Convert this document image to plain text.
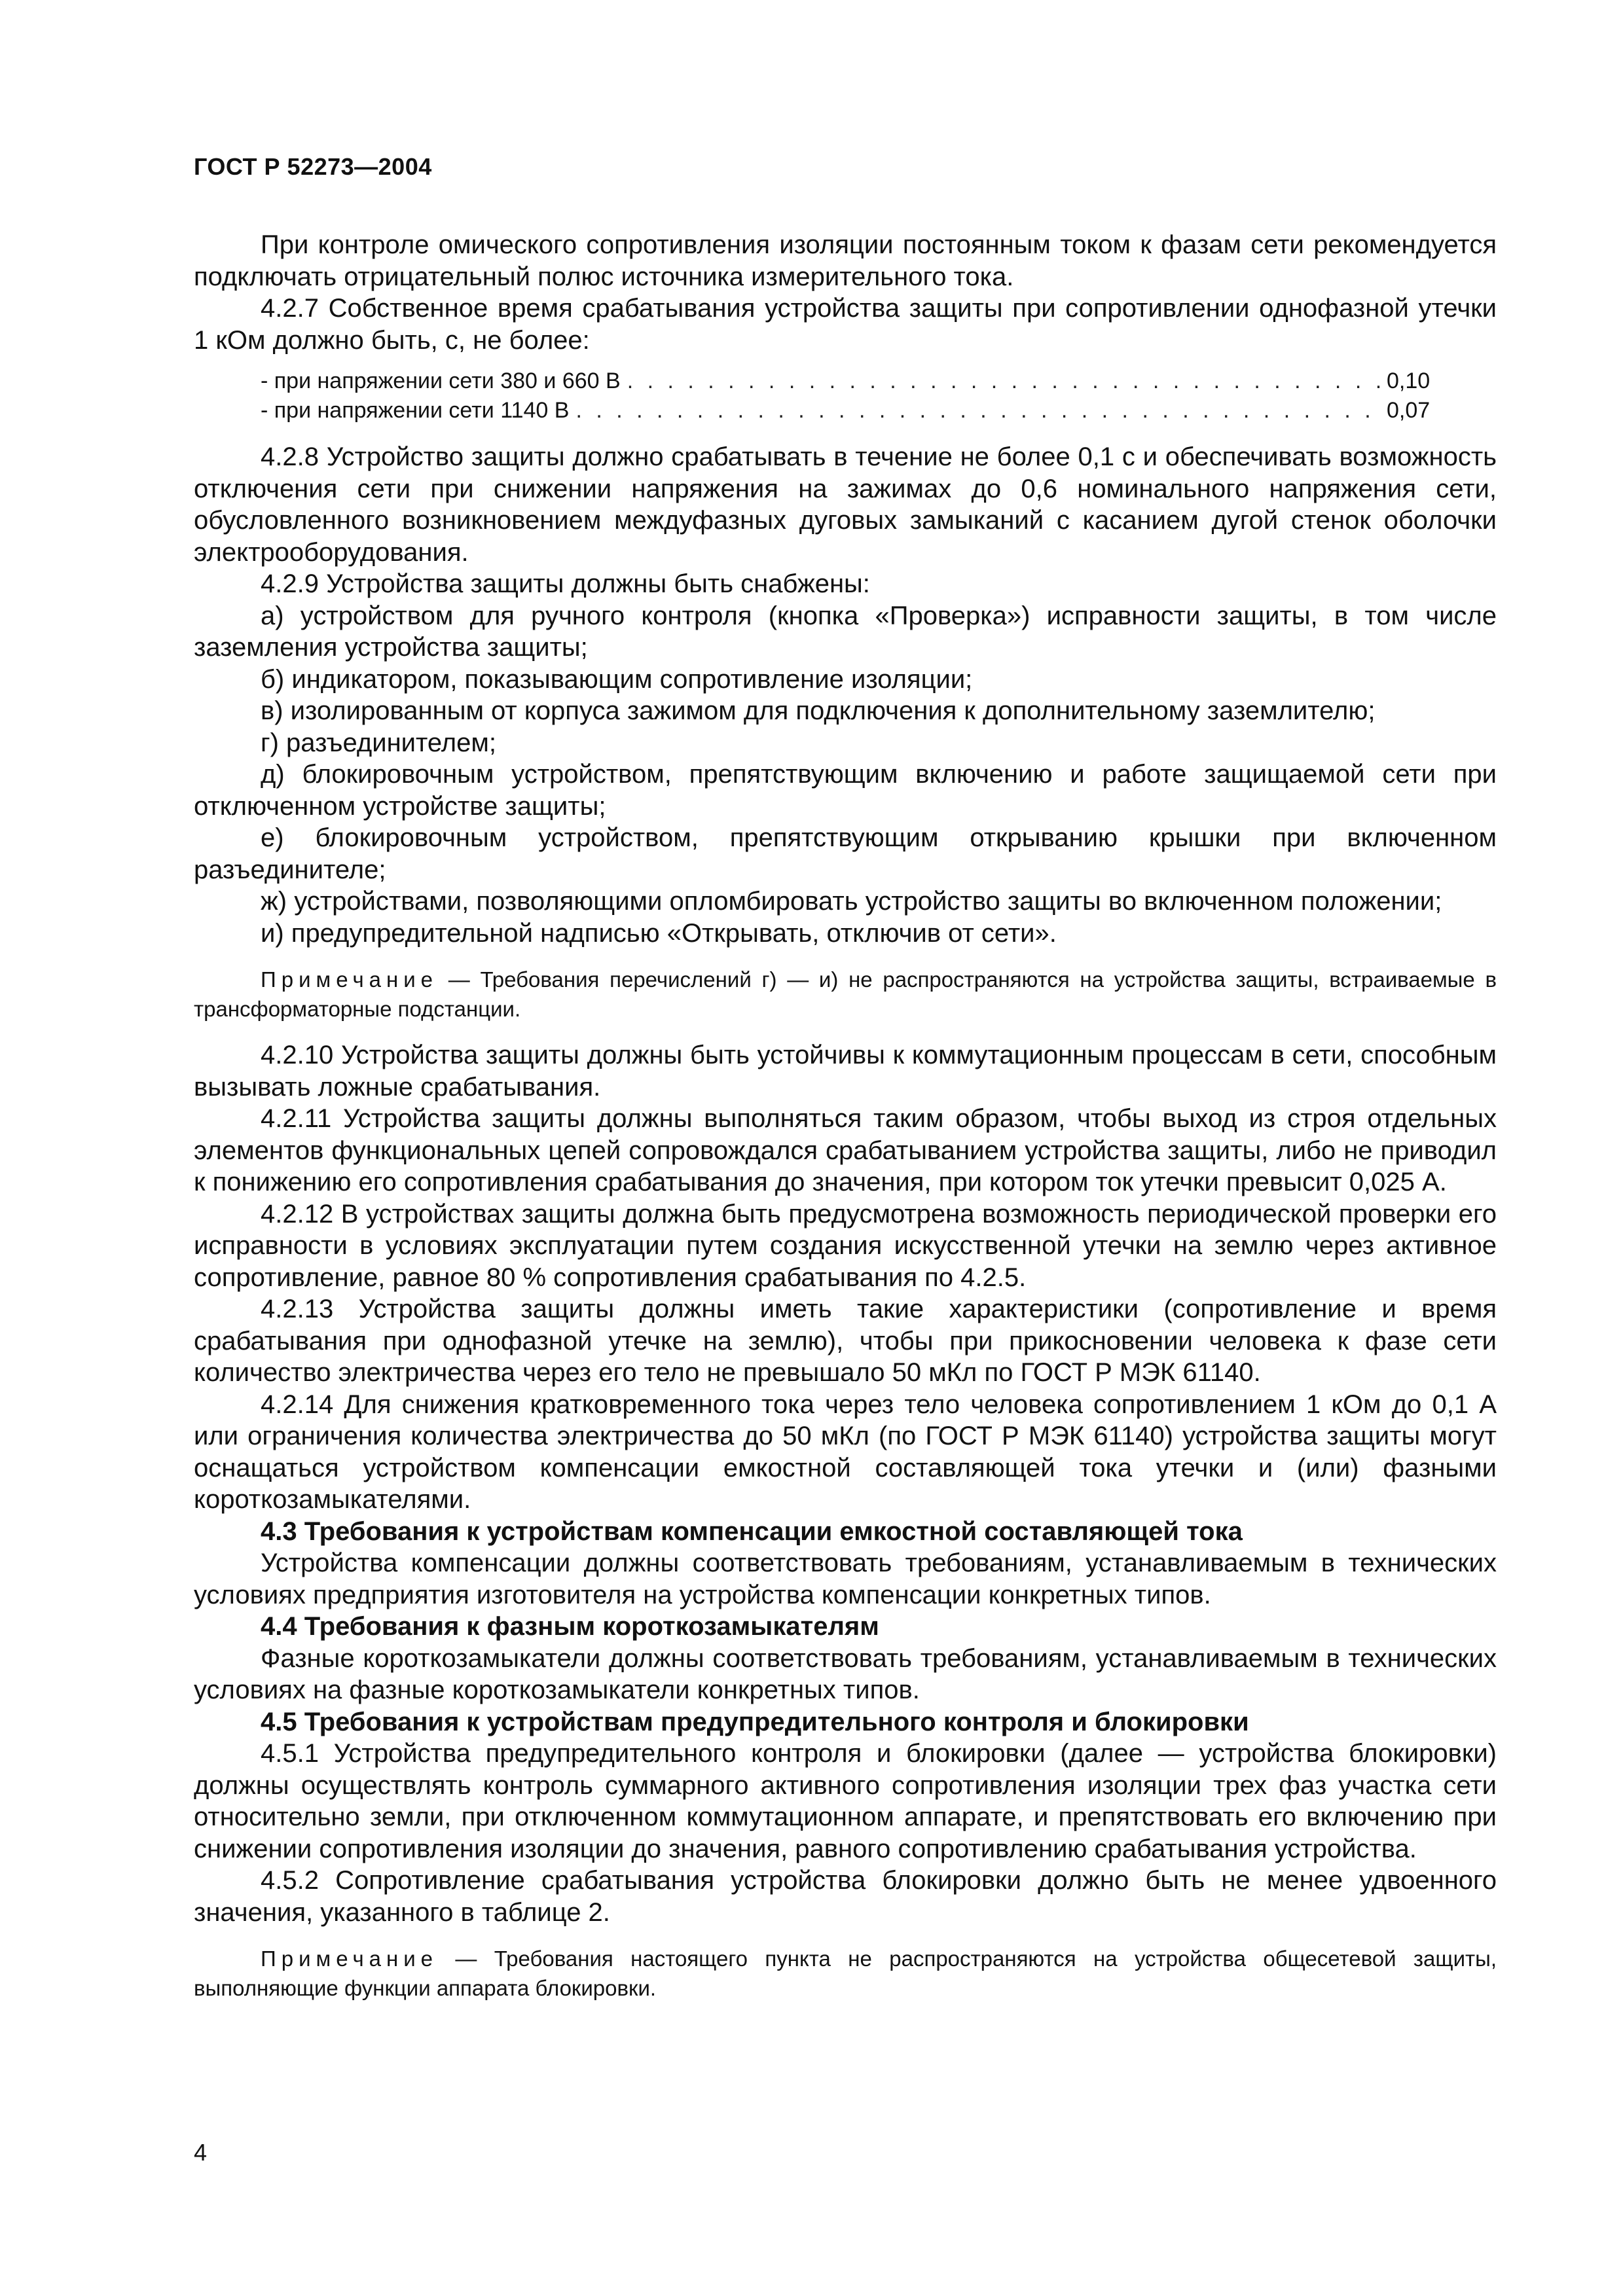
ГОСТ Р 52273—2004

При контроле омического сопротивления изоляции постоянным током к фазам сети рекомендуется подключать отрицательный полюс источника измерительного тока.

4.2.7 Собственное время срабатывания устройства защиты при сопротивлении однофазной утечки 1 кОм должно быть, с, не более:

- при напряжении сети 380 и 660 В . . .	0,10
- при напряжении сети 1140 В . . .	0,07

4.2.8 Устройство защиты должно срабатывать в течение не более 0,1 с и обеспечивать возможность отключения сети при снижении напряжения на зажимах до 0,6 номинального напряжения сети, обусловленного возникновением междуфазных дуговых замыканий с касанием дугой стенок оболочки электрооборудования.

4.2.9 Устройства защиты должны быть снабжены:

а) устройством для ручного контроля (кнопка «Проверка») исправности защиты, в том числе заземления устройства защиты;

б) индикатором, показывающим сопротивление изоляции;

в) изолированным от корпуса зажимом для подключения к дополнительному заземлителю;

г) разъединителем;

д) блокировочным устройством, препятствующим включению и работе защищаемой сети при отключенном устройстве защиты;

е) блокировочным устройством, препятствующим открыванию крышки при включенном разъединителе;

ж) устройствами, позволяющими опломбировать устройство защиты во включенном положении;

и) предупредительной надписью «Открывать, отключив от сети».

Примечание — Требования перечислений г) — и) не распространяются на устройства защиты, встраиваемые в трансформаторные подстанции.

4.2.10 Устройства защиты должны быть устойчивы к коммутационным процессам в сети, способным вызывать ложные срабатывания.

4.2.11 Устройства защиты должны выполняться таким образом, чтобы выход из строя отдельных элементов функциональных цепей сопровождался срабатыванием устройства защиты, либо не приводил к понижению его сопротивления срабатывания до значения, при котором ток утечки превысит 0,025 А.

4.2.12 В устройствах защиты должна быть предусмотрена возможность периодической проверки его исправности в условиях эксплуатации путем создания искусственной утечки на землю через активное сопротивление, равное 80 % сопротивления срабатывания по 4.2.5.

4.2.13 Устройства защиты должны иметь такие характеристики (сопротивление и время срабатывания при однофазной утечке на землю), чтобы при прикосновении человека к фазе сети количество электричества через его тело не превышало 50 мКл по ГОСТ Р МЭК 61140.

4.2.14 Для снижения кратковременного тока через тело человека сопротивлением 1 кОм до 0,1 А или ограничения количества электричества до 50 мКл (по ГОСТ Р МЭК 61140) устройства защиты могут оснащаться устройством компенсации емкостной составляющей тока утечки и (или) фазными короткозамыкателями.

4.3 Требования к устройствам компенсации емкостной составляющей тока

Устройства компенсации должны соответствовать требованиям, устанавливаемым в технических условиях предприятия изготовителя на устройства компенсации конкретных типов.

4.4 Требования к фазным короткозамыкателям

Фазные короткозамыкатели должны соответствовать требованиям, устанавливаемым в технических условиях на фазные короткозамыкатели конкретных типов.

4.5 Требования к устройствам предупредительного контроля и блокировки

4.5.1 Устройства предупредительного контроля и блокировки (далее — устройства блокировки) должны осуществлять контроль суммарного активного сопротивления изоляции трех фаз участка сети относительно земли, при отключенном коммутационном аппарате, и препятствовать его включению при снижении сопротивления изоляции до значения, равного сопротивлению срабатывания устройства.

4.5.2 Сопротивление срабатывания устройства блокировки должно быть не менее удвоенного значения, указанного в таблице 2.

Примечание — Требования настоящего пункта не распространяются на устройства общесетевой защиты, выполняющие функции аппарата блокировки.

4
